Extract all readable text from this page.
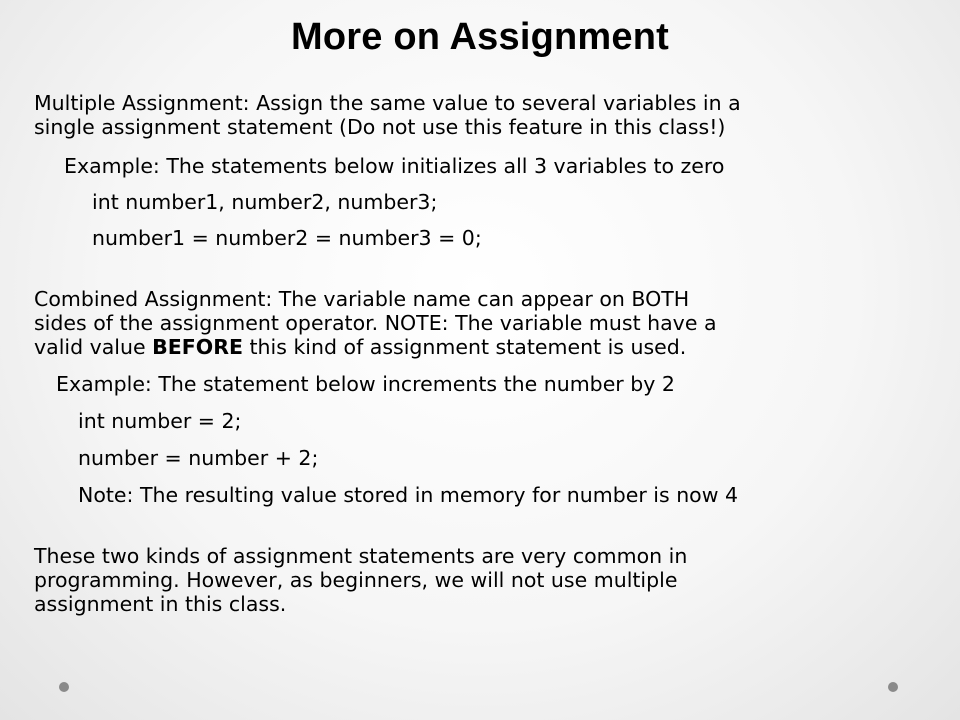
More on Assignment
Multiple Assignment: Assign the same value to several variables in a
single assignment statement (Do not use this feature in this class!)
Example: The statements below initializes all 3 variables to zero
int number1, number2, number3;
number1 = number2 = number3 = 0;
Combined Assignment: The variable name can appear on BOTH
sides of the assignment operator. NOTE: The variable must have a
valid value BEFORE this kind of assignment statement is used.
Example: The statement below increments the number by 2
int number = 2;
number = number + 2;
Note: The resulting value stored in memory for number is now 4
These two kinds of assignment statements are very common in
programming. However, as beginners, we will not use multiple
assignment in this class.
